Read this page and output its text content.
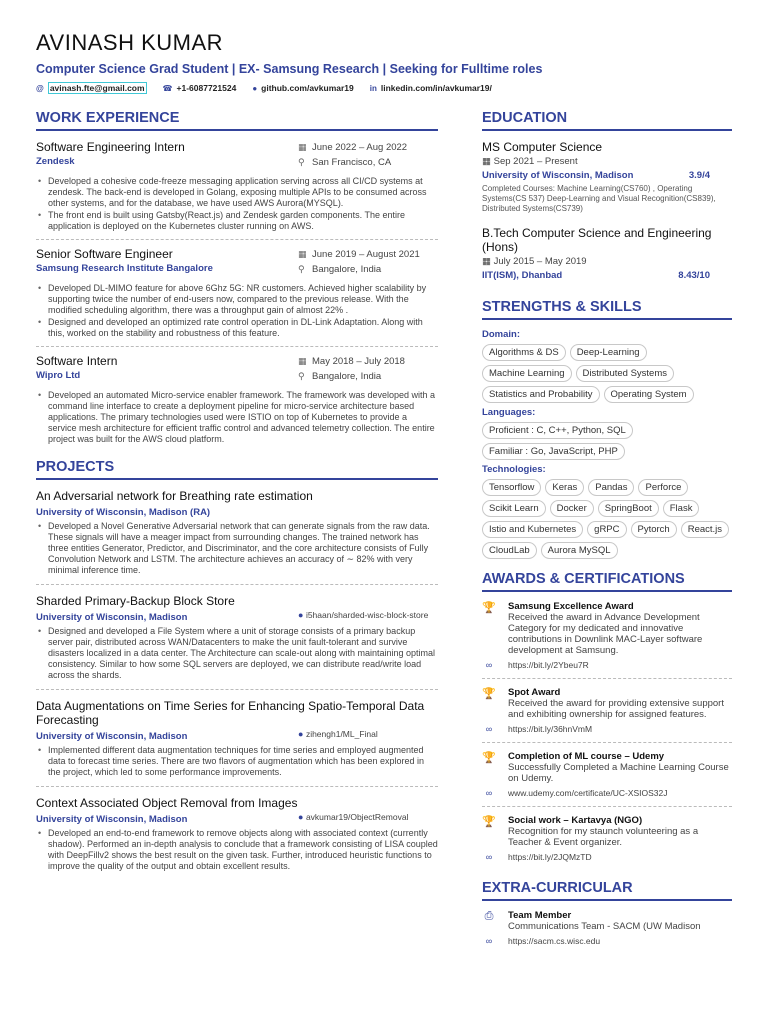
AVINASH KUMAR
Computer Science Grad Student | EX- Samsung Research | Seeking for Fulltime roles
@ avinash.fte@gmail.com ☎ +1-6087721524 ● github.com/avkumar19 in linkedin.com/in/avkumar19/
WORK EXPERIENCE
Software Engineering Intern
Zendesk
▦ June 2022 – Aug 2022
⚲ San Francisco, CA
• Developed a cohesive code-freeze messaging application serving across all CI/CD systems at zendesk. The back-end is developed in Golang, exposing multiple APIs to be consumed across other systems, and for the database, we have used AWS Aurora(MYSQL).
• The front end is built using Gatsby(React.js) and Zendesk garden components. The entire application is deployed on the Kubernetes cluster running on AWS.
Senior Software Engineer
Samsung Research Institute Bangalore
▦ June 2019 – August 2021
⚲ Bangalore, India
• Developed DL-MIMO feature for above 6Ghz 5G: NR customers. Achieved higher scalability by supporting twice the number of end-users now, compared to the previous release. With the modified scheduling algorithm, there was a throughput gain of almost 22% .
• Designed and developed an optimized rate control operation in DL-Link Adaptation. Along with this, worked on the stability and robustness of this feature.
Software Intern
Wipro Ltd
▦ May 2018 – July 2018
⚲ Bangalore, India
• Developed an automated Micro-service enabler framework. The framework was developed with a command line interface to create a deployment pipeline for micro-service architecture based applications. The primary technologies used were ISTIO on top of Kubernetes to provide a service mesh architecture for efficient traffic control and advanced telemetry collection. The entire project was built for the AWS cloud platform.
PROJECTS
An Adversarial network for Breathing rate estimation
University of Wisconsin, Madison (RA)
• Developed a Novel Generative Adversarial network that can generate signals from the raw data. These signals will have a meager impact from surrounding changes. The trained network has three entities Generator, Predictor, and Discriminator, and the core architecture consists of Fully Convolution Network and LSTM. The architecture achieves an accuracy of ∼ 82% with very minimal inference time.
Sharded Primary-Backup Block Store
University of Wisconsin, Madison	● i5haan/sharded-wisc-block-store
• Designed and developed a File System where a unit of storage consists of a primary backup server pair, distributed across WAN/Datacenters to make the unit fault-tolerant and survive disasters localized in a data center. The Architecture can scale-out along with maintaining optimal consistency. Similar to how some SQL servers are deployed, we can distribute read/write load across the shards.
Data Augmentations on Time Series for Enhancing Spatio-Temporal Data Forecasting
University of Wisconsin, Madison	● zihengh1/ML_Final
• Implemented different data augmentation techniques for time series and employed augmented data to forecast time series. There are two flavors of augmentation which has been explored in the project, which led to some performance improvements.
Context Associated Object Removal from Images
University of Wisconsin, Madison	● avkumar19/ObjectRemoval
• Developed an end-to-end framework to remove objects along with associated context (currently shadow). Performed an in-depth analysis to conclude that a framework consisting of LISA coupled with DeepFillv2 shows the best result on the given task. Further, introduced heuristic functions to improve the quality of the output and obtain excellent results.
EDUCATION
MS Computer Science
▦ Sep 2021 – Present
University of Wisconsin, Madison	3.9/4
Completed Courses: Machine Learning(CS760) , Operating Systems(CS 537) Deep-Learning and Visual Recognition(CS839), Distributed Systems(CS739)
B.Tech Computer Science and Engineering (Hons)
▦ July 2015 – May 2019
IIT(ISM), Dhanbad	8.43/10
STRENGTHS & SKILLS
Domain:
Algorithms & DS	Deep-Learning
Machine Learning	Distributed Systems
Statistics and Probability	Operating System
Languages:
Proficient : C, C++, Python, SQL
Familiar : Go, JavaScript, PHP
Technologies:
Tensorflow	Keras	Pandas	Perforce
Scikit Learn	Docker	SpringBoot	Flask
Istio and Kubernetes	gRPC	Pytorch	React.js
CloudLab	Aurora MySQL
AWARDS & CERTIFICATIONS
🏆 Samsung Excellence Award
Received the award in Advance Development Category for my dedicated and innovative contributions in Downlink MAC-Layer software development at Samsung.
∞	https://bit.ly/2Ybeu7R
🏆 Spot Award
Received the award for providing extensive support and exhibiting ownership for assigned features.
∞	https://bit.ly/36hnVmM
🏆 Completion of ML course – Udemy
Successfully Completed a Machine Learning Course on Udemy.
∞	www.udemy.com/certificate/UC-XSIOS32J
🏆 Social work – Kartavya (NGO)
Recognition for my staunch volunteering as a Teacher & Event organizer.
∞	https://bit.ly/2JQMzTD
EXTRA-CURRICULAR
⎙ Team Member
Communications Team - SACM (UW Madison
∞	https://sacm.cs.wisc.edu
